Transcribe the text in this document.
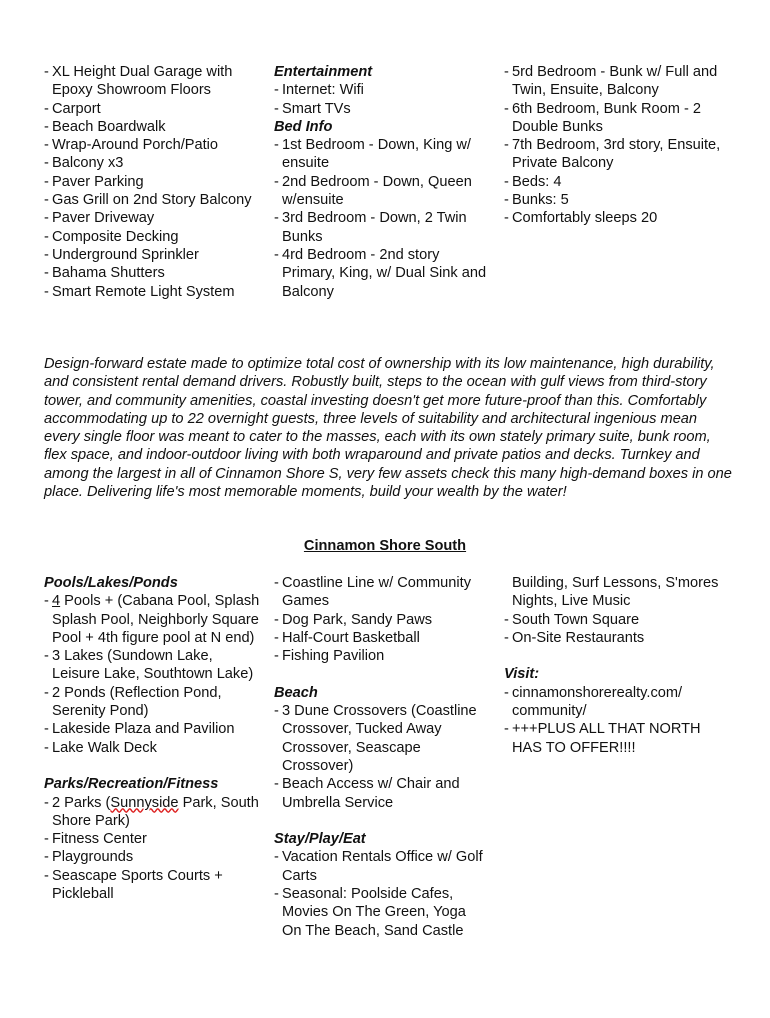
- XL Height Dual Garage with Epoxy Showroom Floors
- Carport
- Beach Boardwalk
- Wrap-Around Porch/Patio
- Balcony x3
- Paver Parking
- Gas Grill on 2nd Story Balcony
- Paver Driveway
- Composite Decking
- Underground Sprinkler
- Bahama Shutters
- Smart Remote Light System
Entertainment
- Internet: Wifi
- Smart TVs
Bed Info
- 1st Bedroom - Down, King w/ ensuite
- 2nd Bedroom - Down, Queen w/ensuite
- 3rd Bedroom - Down, 2 Twin Bunks
- 4rd Bedroom - 2nd story Primary, King, w/ Dual Sink and Balcony
- 5rd Bedroom - Bunk w/ Full and Twin, Ensuite, Balcony
- 6th Bedroom, Bunk Room - 2 Double Bunks
- 7th Bedroom, 3rd story, Ensuite, Private Balcony
- Beds: 4
- Bunks: 5
- Comfortably sleeps 20

Design-forward estate made to optimize total cost of ownership with its low maintenance, high durability, and consistent rental demand drivers. Robustly built, steps to the ocean with gulf views from third-story tower, and community amenities, coastal investing doesn't get more future-proof than this. Comfortably accommodating up to 22 overnight guests, three levels of suitability and architectural ingenious mean every single floor was meant to cater to the masses, each with its own stately primary suite, bunk room, flex space, and indoor-outdoor living with both wraparound and private patios and decks. Turnkey and among the largest in all of Cinnamon Shore S, very few assets check this many high-demand boxes in one place. Delivering life's most memorable moments, build your wealth by the water!

Cinnamon Shore South

Pools/Lakes/Ponds
- 4 Pools + (Cabana Pool, Splash Splash Pool, Neighborly Square Pool + 4th figure pool at N end)
- 3 Lakes (Sundown Lake, Leisure Lake, Southtown Lake)
- 2 Ponds (Reflection Pond, Serenity Pond)
- Lakeside Plaza and Pavilion
- Lake Walk Deck
Parks/Recreation/Fitness
- 2 Parks (Sunnyside Park, South Shore Park)
- Fitness Center
- Playgrounds
- Seascape Sports Courts + Pickleball
- Coastline Line w/ Community Games
- Dog Park, Sandy Paws
- Half-Court Basketball
- Fishing Pavilion
Beach
- 3 Dune Crossovers (Coastline Crossover, Tucked Away Crossover, Seascape Crossover)
- Beach Access w/ Chair and Umbrella Service
Stay/Play/Eat
- Vacation Rentals Office w/ Golf Carts
- Seasonal: Poolside Cafes, Movies On The Green, Yoga On The Beach, Sand Castle
Building, Surf Lessons, S'mores Nights, Live Music
- South Town Square
- On-Site Restaurants
Visit:
- cinnamonshorerealty.com/ community/
- +++PLUS ALL THAT NORTH HAS TO OFFER!!!!
